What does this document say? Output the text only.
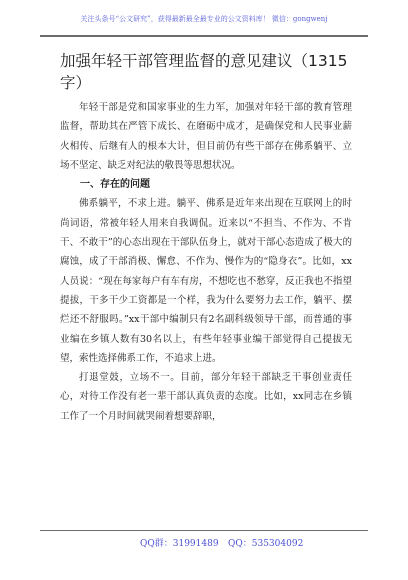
关注头条号“公文研究”，获得最新最全最专业的公文资料库！ 微信：gongwenj
加强年轻干部管理监督的意见建议（1315字）

年轻干部是党和国家事业的生力军，加强对年轻干部的教育管理监督，帮助其在严管下成长、在磨砺中成才，是确保党和人民事业薪火相传、后继有人的根本大计，但目前仍有些干部存在佛系躺平、立场不坚定、缺乏对纪法的敬畏等思想状况。

一、存在的问题

佛系躺平，不求上进。躺平、佛系是近年来出现在互联网上的时尚词语，常被年轻人用来自我调侃。近来以“不担当、不作为、不肯干、不敢干”的心态出现在干部队伍身上，就对干部心态造成了极大的腐蚀，成了干部消极、懈怠、不作为、慢作为的“隐身衣”。比如，xx人员说：“现在每家每户有车有房，不想吃也不愁穿，反正我也不指望提拔，干多干少工资都是一个样，我为什么要努力去工作，躺平、摆烂还不舒服吗。”xx干部中编制只有2名副科级领导干部，而普通的事业编在乡镇人数有30名以上，有些年轻事业编干部觉得自己提拔无望，索性选择佛系工作，不追求上进。

打退堂鼓，立场不一。目前，部分年轻干部缺乏干事创业责任心，对待工作没有老一辈干部认真负责的态度。比如，xx同志在乡镇工作了一个月时间就哭闹着想要辞职，

QQ群：31991489 QQ：535304092
